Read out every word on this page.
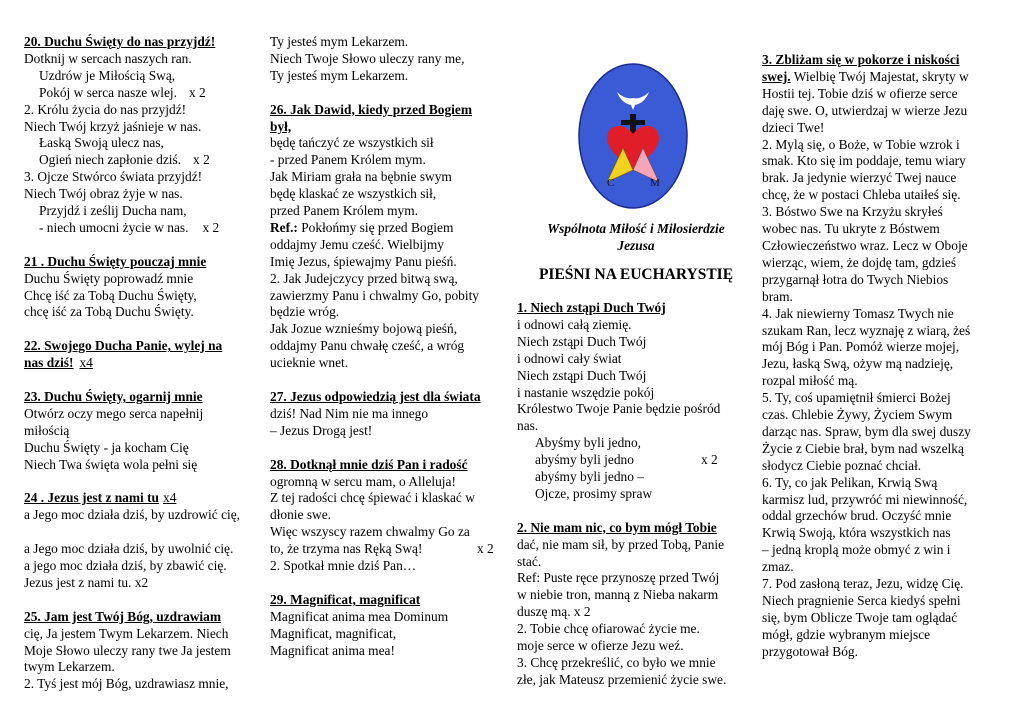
20. Duchu Święty do nas przyjdź!
Dotknij w sercach naszych ran.
Uzdrów je Miłością Swą,
Pokój w serca nasze wlej. x 2
2. Królu życia do nas przyjdź!
Niech Twój krzyż jaśnieje w nas.
Łaską Swoją ulecz nas,
Ogień niech zapłonie dziś. x 2
3. Ojcze Stwórco świata przyjdź!
Niech Twój obraz żyje w nas.
Przyjdź i ześlij Ducha nam,
- niech umocni życie w nas. x 2
21 . Duchu Święty pouczaj mnie
Duchu Święty poprowadź mnie
Chcę iść za Tobą Duchu Święty,
chcę iść za Tobą Duchu Święty.
22. Swojego Ducha Panie, wylej na
nas dziś! x4
23. Duchu Święty, ogarnij mnie
Otwórz oczy mego serca napełnij
miłością
Duchu Święty - ja kocham Cię
Niech Twa święta wola pełni się
24 . Jezus jest z nami tu x4
a Jego moc działa dziś, by uzdrowić cię,
a Jego moc działa dziś, by uwolnić cię.
a jego moc działa dziś, by zbawić cię.
Jezus jest z nami tu. x2
25. Jam jest Twój Bóg, uzdrawiam
cię, Ja jestem Twym Lekarzem. Niech
Moje Słowo uleczy rany twe Ja jestem
twym Lekarzem.
2. Tyś jest mój Bóg, uzdrawiasz mnie,
Ty jesteś mym Lekarzem.
Niech Twoje Słowo uleczy rany me,
Ty jesteś mym Lekarzem.
26. Jak Dawid, kiedy przed Bogiem
był,
będę tańczyć ze wszystkich sił
- przed Panem Królem mym.
Jak Miriam grała na bębnie swym
będę klaskać ze wszystkich sił,
przed Panem Królem mym.
Ref.: Pokłońmy się przed Bogiem
oddajmy Jemu cześć. Wielbijmy
Imię Jezus, śpiewajmy Panu pieśń.
2. Jak Judejczycy przed bitwą swą,
zawierzmy Panu i chwalmy Go, pobity
będzie wróg.
Jak Jozue wznieśmy bojową pieśń,
oddajmy Panu chwałę cześć, a wróg
ucieknie wnet.
27. Jezus odpowiedzią jest dla świata
dziś! Nad Nim nie ma innego
– Jezus Drogą jest!
28. Dotknął mnie dziś Pan i radość
ogromną w sercu mam, o Alleluja!
Z tej radości chcę śpiewać i klaskać w
dłonie swe.
Więc wszyscy razem chwalmy Go za
to, że trzyma nas Ręką Swą!	x 2
2. Spotkał mnie dziś Pan…
29. Magnificat, magnificat
Magnificat anima mea Dominum
Magnificat, magnificat,
Magnificat anima mea!
C	M
Wspólnota Miłość i Miłosierdzie
Jezusa
PIEŚNI NA EUCHARYSTIĘ
1. Niech zstąpi Duch Twój
i odnowi całą ziemię.
Niech zstąpi Duch Twój
i odnowi cały świat
Niech zstąpi Duch Twój
i nastanie wszędzie pokój
Królestwo Twoje Panie będzie pośród
nas.
Abyśmy byli jedno,
abyśmy byli jedno	x 2
abyśmy byli jedno –
Ojcze, prosimy spraw
2. Nie mam nic, co bym mógł Tobie
dać, nie mam sił, by przed Tobą, Panie
stać.
Ref: Puste ręce przynoszę przed Twój
w niebie tron, manną z Nieba nakarm
duszę mą. x 2
2. Tobie chcę ofiarować życie me.
moje serce w ofierze Jezu weź.
3. Chcę przekreślić, co było we mnie
złe, jak Mateusz przemienić życie swe.
3. Zbliżam się w pokorze i niskości
swej. Wielbię Twój Majestat, skryty w
Hostii tej. Tobie dziś w ofierze serce
daję swe. O, utwierdzaj w wierze Jezu
dzieci Twe!
2. Mylą się, o Boże, w Tobie wzrok i
smak. Kto się im poddaje, temu wiary
brak. Ja jedynie wierzyć Twej nauce
chcę, że w postaci Chleba utaiłeś się.
3. Bóstwo Swe na Krzyżu skryłeś
wobec nas. Tu ukryte z Bóstwem
Człowieczeństwo wraz. Lecz w Oboje
wierząc, wiem, że dojdę tam, gdzieś
przygarnął łotra do Twych Niebios
bram.
4. Jak niewierny Tomasz Twych nie
szukam Ran, lecz wyznaję z wiarą, żeś
mój Bóg i Pan. Pomóż wierze mojej,
Jezu, łaską Swą, ożyw mą nadzieję,
rozpal miłość mą.
5. Ty, coś upamiętnił śmierci Bożej
czas. Chlebie Żywy, Życiem Swym
darząc nas. Spraw, bym dla swej duszy
Życie z Ciebie brał, bym nad wszelką
słodycz Ciebie poznać chciał.
6. Ty, co jak Pelikan, Krwią Swą
karmisz lud, przywróć mi niewinność,
oddal grzechów brud. Oczyść mnie
Krwią Swoją, która wszystkich nas
– jedną kroplą może obmyć z win i
zmaz.
7. Pod zasłoną teraz, Jezu, widzę Cię.
Niech pragnienie Serca kiedyś spełni
się, bym Oblicze Twoje tam oglądać
mógł, gdzie wybranym miejsce
przygotował Bóg.
